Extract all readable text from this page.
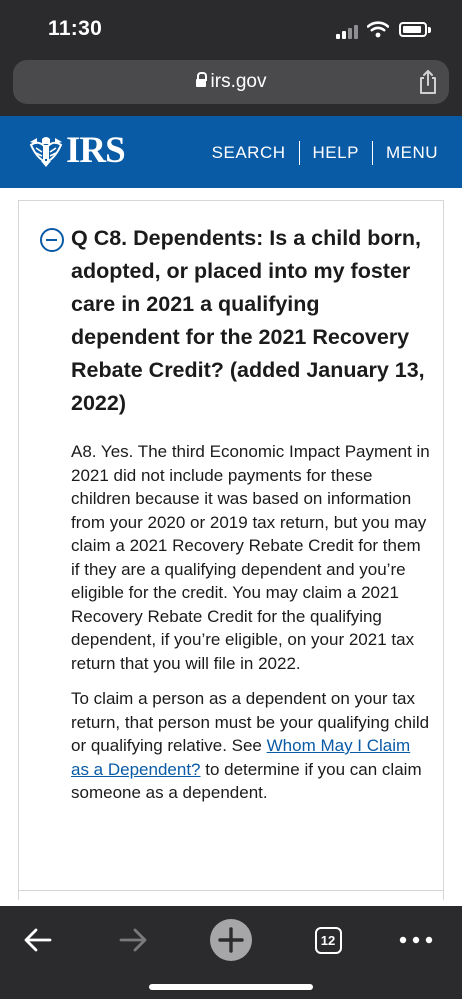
11:30
irs.gov
IRS	SEARCH HELP MENU
Q C8. Dependents: Is a child born, adopted, or placed into my foster care in 2021 a qualifying dependent for the 2021 Recovery Rebate Credit? (added January 13, 2022)

A8. Yes. The third Economic Impact Payment in 2021 did not include payments for these children because it was based on information from your 2020 or 2019 tax return, but you may claim a 2021 Recovery Rebate Credit for them if they are a qualifying dependent and you’re eligible for the credit. You may claim a 2021 Recovery Rebate Credit for the qualifying dependent, if you’re eligible, on your 2021 tax return that you will file in 2022.

To claim a person as a dependent on your tax return, that person must be your qualifying child or qualifying relative. See Whom May I Claim as a Dependent? to determine if you can claim someone as a dependent.

12
